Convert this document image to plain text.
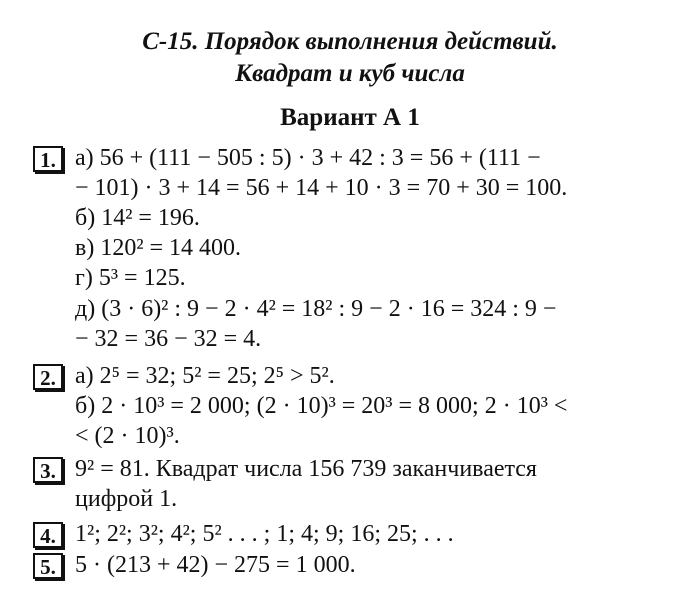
С-15. Порядок выполнения действий.
Квадрат и куб числа
Вариант А 1
1. а) 56 + (111 − 505 : 5) · 3 + 42 : 3 = 56 + (111 −
− 101) · 3 + 14 = 56 + 14 + 10 · 3 = 70 + 30 = 100.
б) 14² = 196.
в) 120² = 14 400.
г) 5³ = 125.
д) (3 · 6)² : 9 − 2 · 4² = 18² : 9 − 2 · 16 = 324 : 9 −
− 32 = 36 − 32 = 4.
2. а) 2⁵ = 32; 5² = 25; 2⁵ > 5².
б) 2 · 10³ = 2 000; (2 · 10)³ = 20³ = 8 000; 2 · 10³ <
< (2 · 10)³.
3. 9² = 81. Квадрат числа 156 739 заканчивается
цифрой 1.
4. 1²; 2²; 3²; 4²; 5² . . . ; 1; 4; 9; 16; 25; . . .
5. 5 · (213 + 42) − 275 = 1 000.
